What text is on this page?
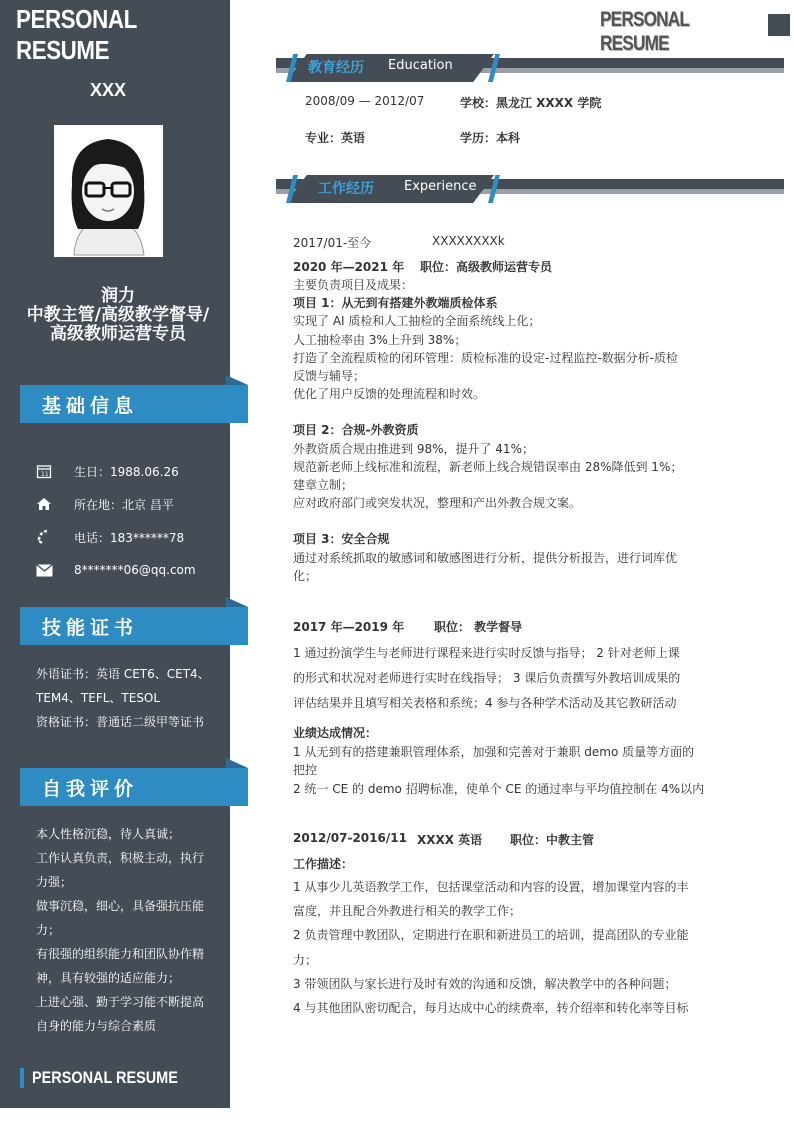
PERSONAL RESUME
XXX
润力
中教主管/高级教学督导/高级教师运营专员
基础信息
11 生日：1988.06.26
所在地：北京 昌平
电话：183******78
8*******06@qq.com
技能证书
外语证书：英语 CET6、CET4、
TEM4、TEFL、TESOL
资格证书：普通话二级甲等证书
自我评价
本人性格沉稳，待人真诚；
工作认真负责，积极主动，执行
力强；
做事沉稳，细心，具备强抗压能
力；
有很强的组织能力和团队协作精
神，具有较强的适应能力；
上进心强、勤于学习能不断提高
自身的能力与综合素质
PERSONAL RESUME
PERSONAL RESUME
教育经历 Education
2008/09 — 2012/07	学校：黑龙江 XXXX 学院
专业：英语	学历：本科
工作经历 Experience
2017/01-至今	XXXXXXXXk
2020 年—2021 年 职位：高级教师运营专员
主要负责项目及成果：
项目 1：从无到有搭建外教端质检体系
实现了 AI 质检和人工抽检的全面系统线上化；
人工抽检率由 3%上升到 38%；
打造了全流程质检的闭环管理：质检标准的设定-过程监控-数据分析-质检
反馈与辅导；
优化了用户反馈的处理流程和时效。
项目 2：合规-外教资质
外教资质合规由推进到 98%，提升了 41%；
规范新老师上线标准和流程，新老师上线合规错误率由 28%降低到 1%；
建章立制；
应对政府部门或突发状况，整理和产出外教合规文案。
项目 3：安全合规
通过对系统抓取的敏感词和敏感图进行分析，提供分析报告，进行词库优
化；
2017 年—2019 年 职位： 教学督导
1 通过扮演学生与老师进行课程来进行实时反馈与指导； 2 针对老师上课
的形式和状况对老师进行实时在线指导； 3 课后负责撰写外教培训成果的
评估结果并且填写相关表格和系统；4 参与各种学术活动及其它教研活动
业绩达成情况：
1 从无到有的搭建兼职管理体系，加强和完善对于兼职 demo 质量等方面的
把控
2 统一 CE 的 demo 招聘标准，使单个 CE 的通过率与平均值控制在 4%以内
2012/07-2016/11 XXXX 英语 职位：中教主管
工作描述：
1 从事少儿英语教学工作，包括课堂活动和内容的设置，增加课堂内容的丰
富度，并且配合外教进行相关的教学工作；
2 负责管理中教团队，定期进行在职和新进员工的培训，提高团队的专业能
力；
3 带领团队与家长进行及时有效的沟通和反馈，解决教学中的各种问题；
4 与其他团队密切配合，每月达成中心的续费率，转介绍率和转化率等目标
